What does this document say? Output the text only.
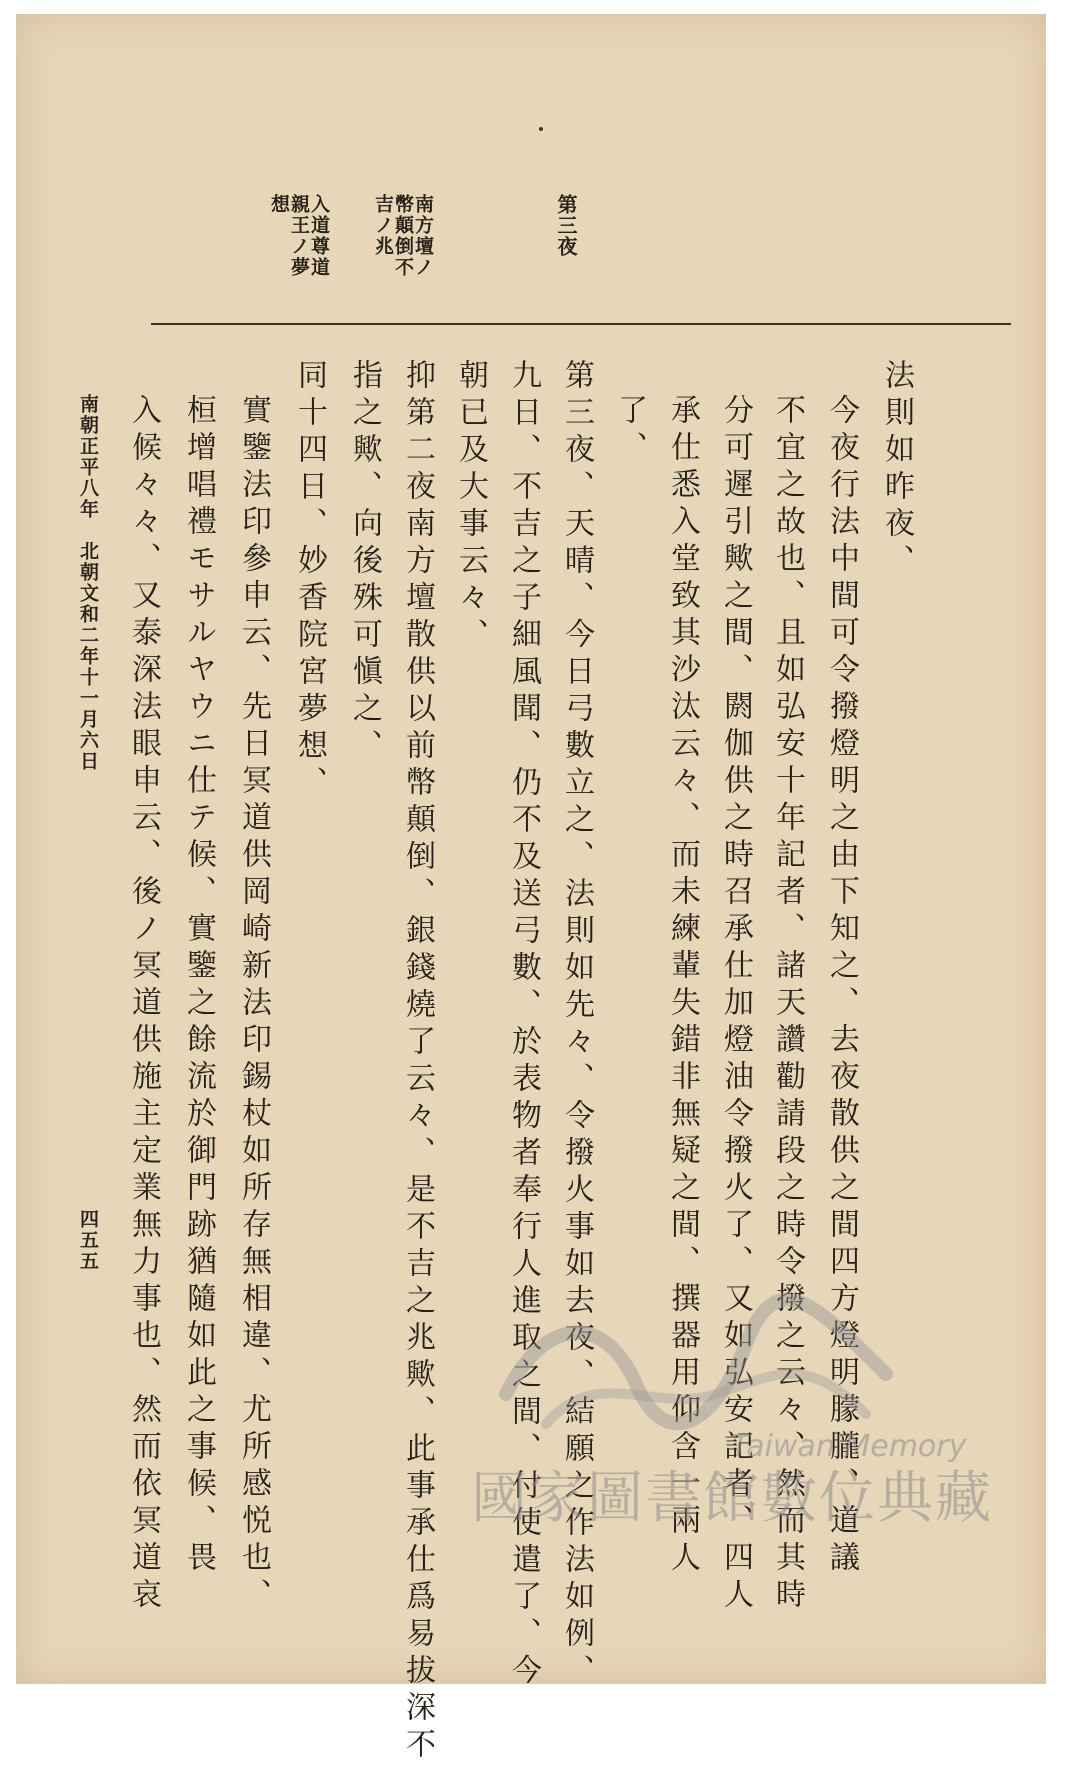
第三夜
南方壇ノ
幣顛倒不
吉ノ兆
入道尊道
親王ノ夢
想
法則如昨夜、
今夜行法中間可令撥燈明之由下知之、去夜散供之間四方燈明朦朧、道議
不宜之故也、且如弘安十年記者、諸天讚勸請段之時令撥之云々、然而其時
分可遲引歟之間、閼伽供之時召承仕加燈油令撥火了、又如弘安記者、四人
承仕悉入堂致其沙汰云々、而未練輩失錯非無疑之間、撰器用仰含一兩人
了、
第三夜、天晴、今日弓數立之、法則如先々、令撥火事如去夜、結願之作法如例、
九日、不吉之子細風聞、仍不及送弓數、於表物者奉行人進取之間、付使遣了、今
朝已及大事云々、
抑第二夜南方壇散供以前幣顛倒、銀錢燒了云々、是不吉之兆歟、此事承仕爲易拔深不
指之歟、向後殊可愼之、
同十四日、妙香院宮夢想、
實鑒法印參申云、先日冥道供岡崎新法印錫杖如所存無相違、尤所感悦也、
桓增唱禮モサルヤウニ仕テ候、實鑒之餘流於御門跡猶隨如此之事候、畏
入候々々、又泰深法眼申云、後ノ冥道供施主定業無力事也、然而依冥道哀
南朝正平八年　北朝文和二年十一月六日
四五五
Taiwan Memory
國家圖書館數位典藏
